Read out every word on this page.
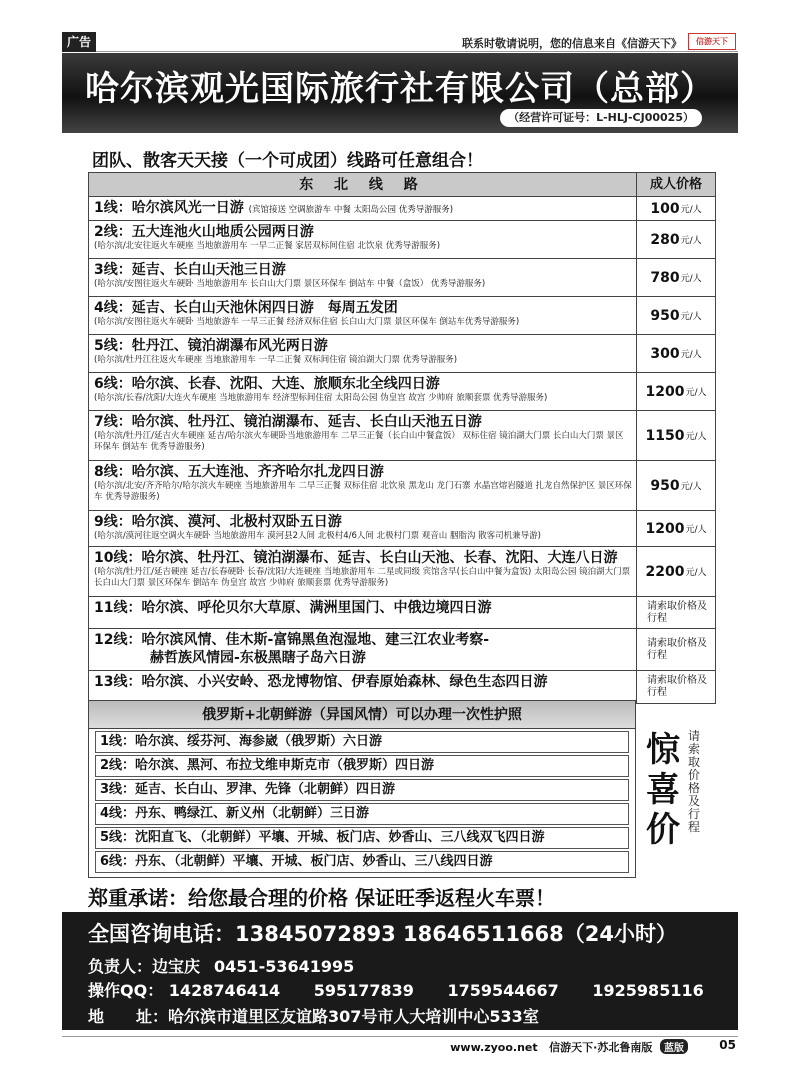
广告	联系时敬请说明，您的信息来自《信游天下》	信游天下
哈尔滨观光国际旅行社有限公司（总部）
（经营许可证号：L-HLJ-CJ00025）
团队、散客天天接（一个可成团）线路可任意组合！
东 北 线 路	成人价格
1线：哈尔滨风光一日游 (宾馆接送 空调旅游车 中餐 太阳岛公园 优秀导游服务)	100 元/人
2线：五大连池火山地质公园两日游
(哈尔滨/北安往返火车硬座 当地旅游用车 一早二正餐 家居双标间住宿 北饮泉 优秀导游服务)	280 元/人
3线：延吉、长白山天池三日游
(哈尔滨/安图往返火车硬卧 当地旅游用车 长白山大门票 景区环保车 倒站车 中餐（盒饭） 优秀导游服务)	780 元/人
4线：延吉、长白山天池休闲四日游　每周五发团
(哈尔滨/安图往返火车硬卧 当地旅游车 一早三正餐 经济双标住宿 长白山大门票 景区环保车 倒站车优秀导游服务)	950 元/人
5线：牡丹江、镜泊湖瀑布风光两日游
(哈尔滨/牡丹江往返火车硬座 当地旅游用车 一早二正餐 双标间住宿 镜泊湖大门票 优秀导游服务)	300 元/人
6线：哈尔滨、长春、沈阳、大连、旅顺东北全线四日游
(哈尔滨/长春/沈阳/大连火车硬座 当地旅游用车 经济型标间住宿 太阳岛公园 伪皇宫 故宫 少帅府 旅顺套票 优秀导游服务)	1200 元/人
7线：哈尔滨、牡丹江、镜泊湖瀑布、延吉、长白山天池五日游
(哈尔滨/牡丹江/延吉火车硬座 延吉/哈尔滨火车硬卧当地旅游用车 二早三正餐（长白山中餐盒饭） 双标住宿 镜泊湖大门票 长白山大门票 景区环保车 倒站车 优秀导游服务)
1150 元/人
8线：哈尔滨、五大连池、齐齐哈尔扎龙四日游
(哈尔滨/北安/齐齐哈尔/哈尔滨火车硬座 当地旅游用车 二早三正餐 双标住宿 北饮泉 黑龙山 龙门石寨 水晶宫熔岩隧道 扎龙自然保护区 景区环保车 优秀导游服务)
950 元/人
9线：哈尔滨、漠河、北极村双卧五日游
(哈尔滨/漠河往返空调火车硬卧 当地旅游用车 漠河县2人间 北极村4/6人间 北极村门票 观音山 胭脂沟 散客司机兼导游)	1200 元/人
10线：哈尔滨、牡丹江、镜泊湖瀑布、延吉、长白山天池、长春、沈阳、大连八日游
(哈尔滨/牡丹江/延吉硬座 延吉/长春硬卧 长春/沈阳/大连硬座 当地旅游用车 二星或同级 宾馆含早(长白山中餐为盒饭) 太阳岛公园 镜泊湖大门票 长白山大门票 景区环保车 倒站车 伪皇宫 故宫 少帅府 旅顺套票 优秀导游服务)
2200 元/人
11线：哈尔滨、呼伦贝尔大草原、满洲里国门、中俄边境四日游	请索取价格及行程
12线：哈尔滨风情、佳木斯-富锦黑鱼泡湿地、建三江农业考察-
赫哲族风情园-东极黑瞎子岛六日游
请索取价格及行程
13线：哈尔滨、小兴安岭、恐龙博物馆、伊春原始森林、绿色生态四日游	请索取价格及行程
俄罗斯+北朝鲜游（异国风情）可以办理一次性护照
1线：哈尔滨、绥芬河、海参崴（俄罗斯）六日游
2线：哈尔滨、黑河、布拉戈维申斯克市（俄罗斯）四日游
3线：延吉、长白山、罗津、先锋（北朝鲜）四日游
4线：丹东、鸭绿江、新义州（北朝鲜）三日游
5线：沈阳直飞、（北朝鲜）平壤、开城、板门店、妙香山、三八线双飞四日游
6线：丹东、（北朝鲜）平壤、开城、板门店、妙香山、三八线四日游
惊
喜
价
请
索
取
价
格
及
行
程
郑重承诺：给您最合理的价格 保证旺季返程火车票！
全国咨询电话：13845072893 18646511668（24小时）
负责人：边宝庆 0451-53641995
操作QQ： 1428746414 595177839 1759544667 1925985116
地　　址：哈尔滨市道里区友谊路307号市人大培训中心533室
www.zyoo.net 信游天下·苏北鲁南版 蓝版	05
